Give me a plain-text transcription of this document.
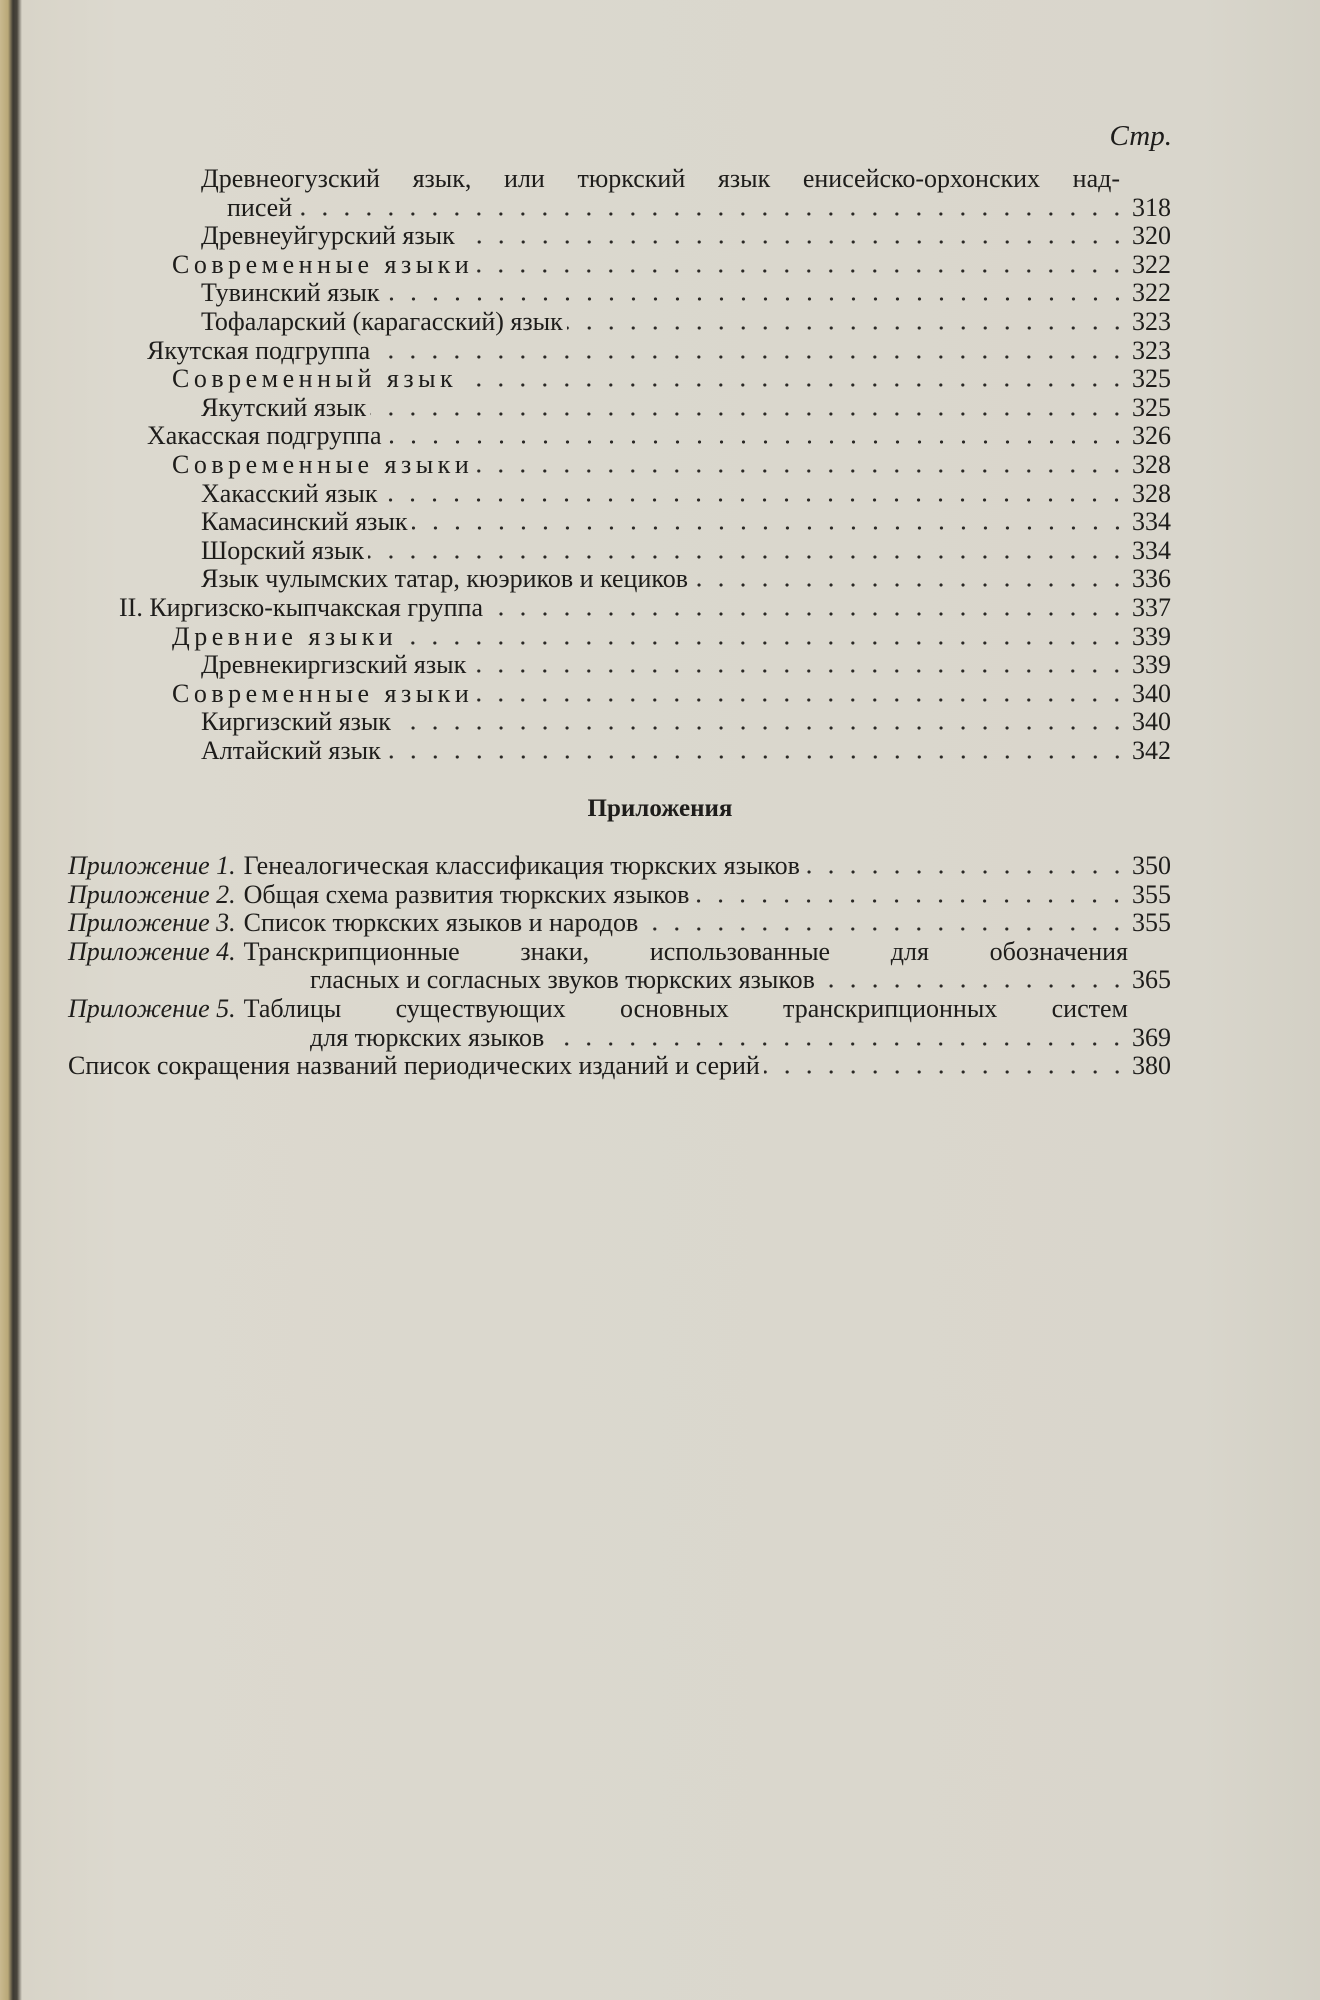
Стр.
Древнеогузский язык, или тюркский язык енисейско-орхонских над-
писей	318
Древнеуйгурский язык	320
Современные языки	322
Тувинский язык	322
Тофаларский (карагасский) язык	323
Якутская подгруппа	323
Современный язык	325
Якутский язык	325
Хакасская подгруппа	326
Современные языки	328
Хакасский язык	328
Камасинский язык	334
Шорский язык	334
Язык чулымских татар, кюэриков и кециков	336
II. Киргизско-кыпчакская группа	337
Древние языки	339
Древнекиргизский язык	339
Современные языки	340
Киргизский язык	340
Алтайский язык	342
Приложения
Приложение 1. Генеалогическая классификация тюркских языков	350
Приложение 2. Общая схема развития тюркских языков	355
Приложение 3. Список тюркских языков и народов	355
Приложение 4. Транскрипционные знаки, использованные для обозначения
гласных и согласных звуков тюркских языков	365
Приложение 5. Таблицы существующих основных транскрипционных систем
для тюркских языков	369
Список сокращения названий периодических изданий и серий	380
